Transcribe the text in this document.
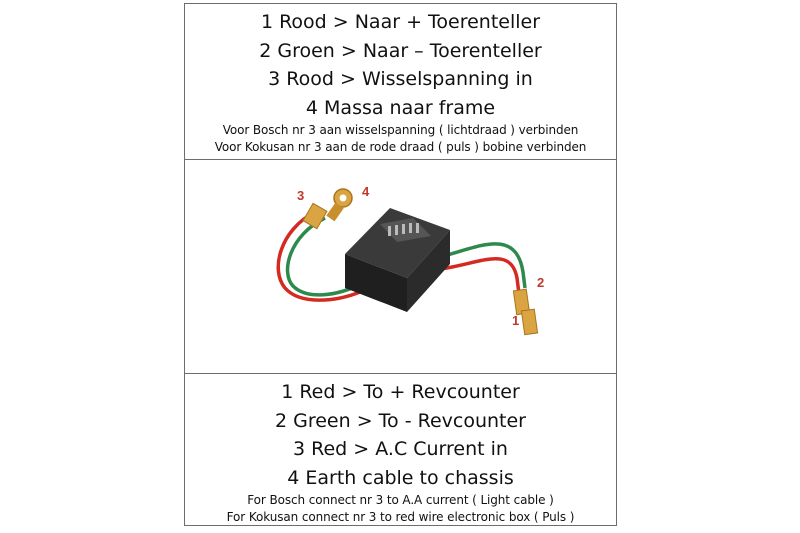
1 Rood > Naar + Toerenteller
2 Groen > Naar – Toerenteller
3 Rood > Wisselspanning in
4 Massa naar frame
Voor Bosch nr 3 aan wisselspanning ( lichtdraad ) verbinden
Voor Kokusan nr 3 aan de rode draad ( puls ) bobine verbinden
3	4
2
1
1 Red > To + Revcounter
2 Green > To - Revcounter
3 Red > A.C Current in
4 Earth cable to chassis
For Bosch connect nr 3 to A.A current ( Light cable )
For Kokusan connect nr 3 to red wire electronic box ( Puls )
